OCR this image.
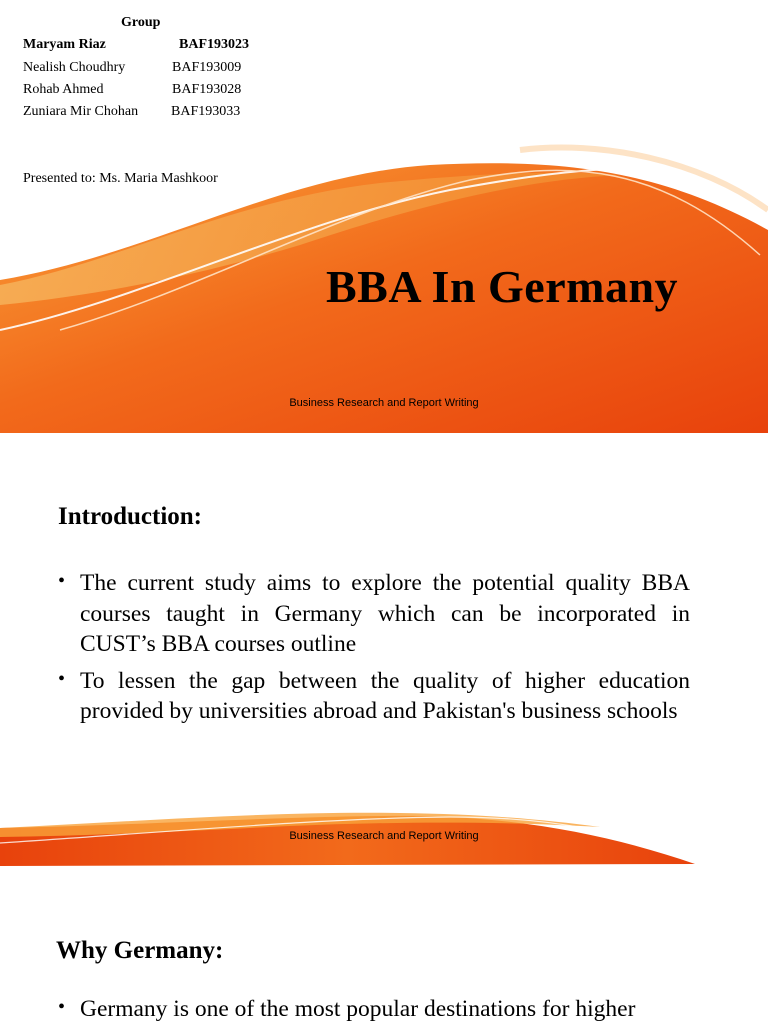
Group
Maryam Riaz	BAF193023
Nealish Choudhry	BAF193009
Rohab Ahmed	BAF193028
Zuniara Mir Chohan BAF193033
Presented to: Ms. Maria Mashkoor
BBA In Germany
Business Research and Report Writing
Introduction:
• The current study aims to explore the potential quality BBA courses taught in Germany which can be incorporated in CUST’s BBA courses outline
• To lessen the gap between the quality of higher education provided by universities abroad and Pakistan's business schools
Business Research and Report Writing
Why Germany:
• Germany is one of the most popular destinations for higher
